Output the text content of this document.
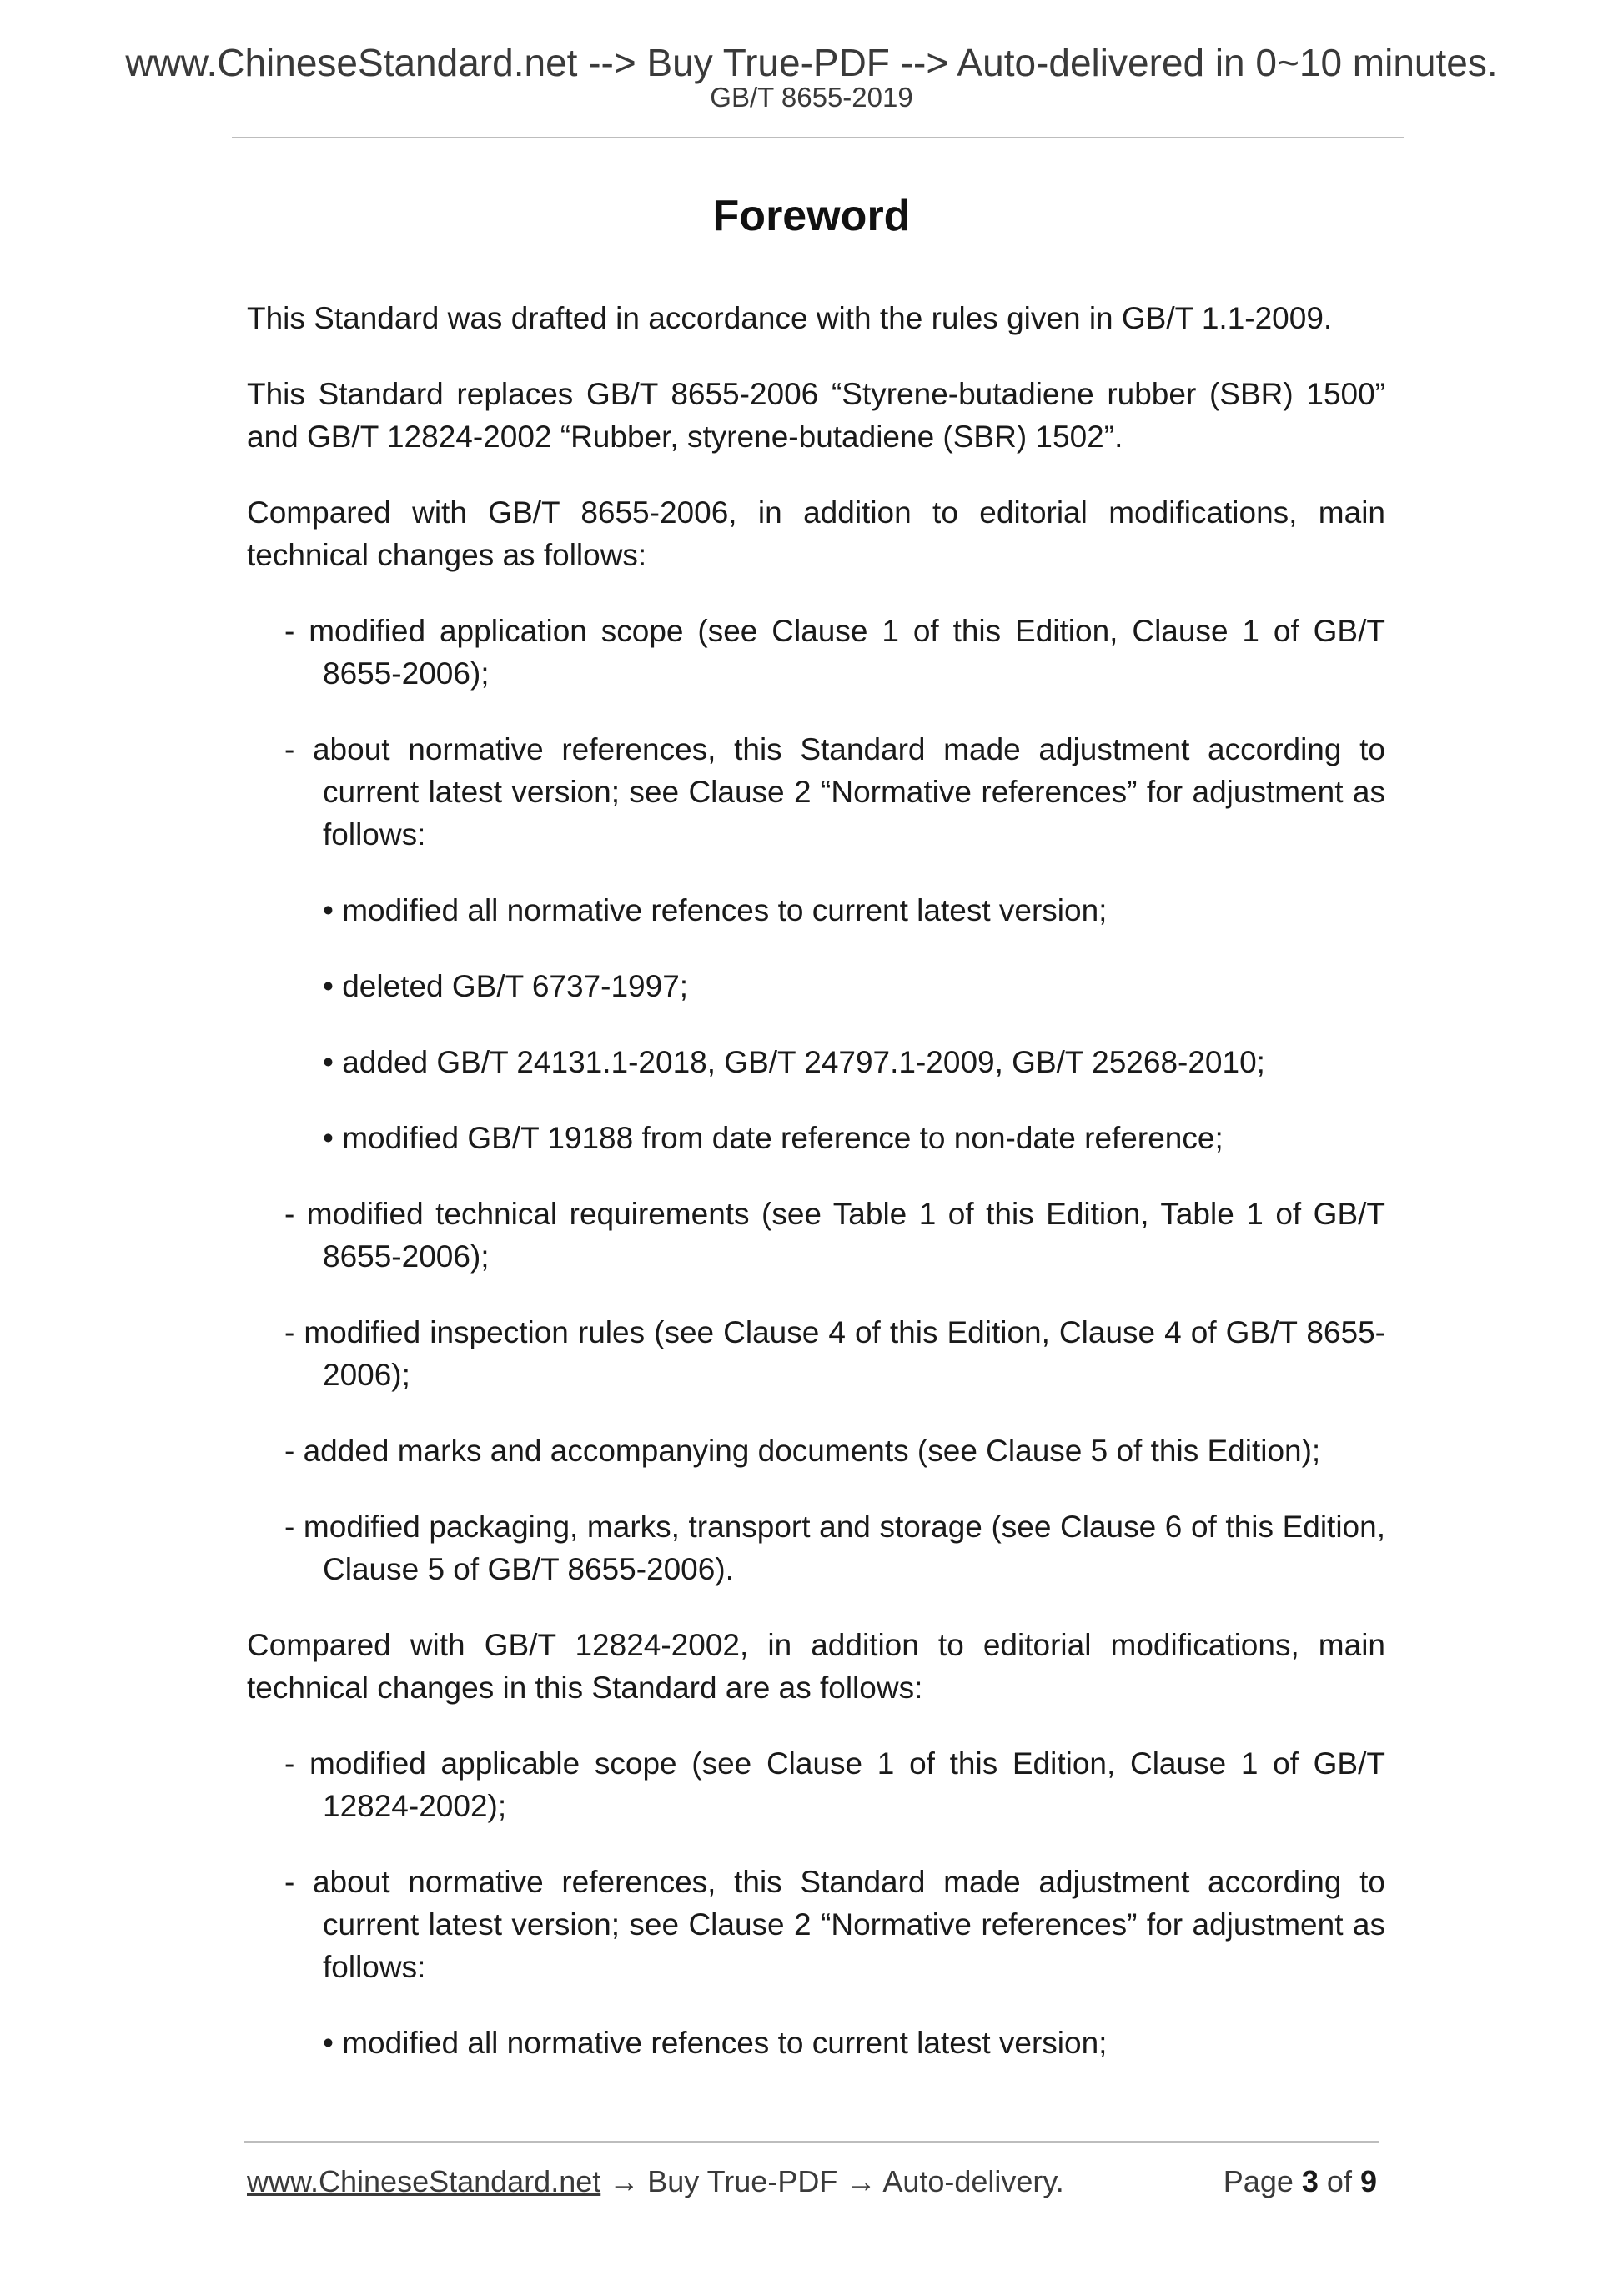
www.ChineseStandard.net --> Buy True-PDF --> Auto-delivered in 0~10 minutes.
GB/T 8655-2019
Foreword

This Standard was drafted in accordance with the rules given in GB/T 1.1-2009.

This Standard replaces GB/T 8655-2006 “Styrene-butadiene rubber (SBR) 1500” and GB/T 12824-2002 “Rubber, styrene-butadiene (SBR) 1502”.

Compared with GB/T 8655-2006, in addition to editorial modifications, main technical changes as follows:

- modified application scope (see Clause 1 of this Edition, Clause 1 of GB/T 8655-2006);

- about normative references, this Standard made adjustment according to current latest version; see Clause 2 “Normative references” for adjustment as follows:

• modified all normative refences to current latest version;

• deleted GB/T 6737-1997;

• added GB/T 24131.1-2018, GB/T 24797.1-2009, GB/T 25268-2010;

• modified GB/T 19188 from date reference to non-date reference;

- modified technical requirements (see Table 1 of this Edition, Table 1 of GB/T 8655-2006);

- modified inspection rules (see Clause 4 of this Edition, Clause 4 of GB/T 8655-2006);

- added marks and accompanying documents (see Clause 5 of this Edition);

- modified packaging, marks, transport and storage (see Clause 6 of this Edition, Clause 5 of GB/T 8655-2006).

Compared with GB/T 12824-2002, in addition to editorial modifications, main technical changes in this Standard are as follows:

- modified applicable scope (see Clause 1 of this Edition, Clause 1 of GB/T 12824-2002);

- about normative references, this Standard made adjustment according to current latest version; see Clause 2 “Normative references” for adjustment as follows:

• modified all normative refences to current latest version;

www.ChineseStandard.net → Buy True-PDF → Auto-delivery.	Page 3 of 9
